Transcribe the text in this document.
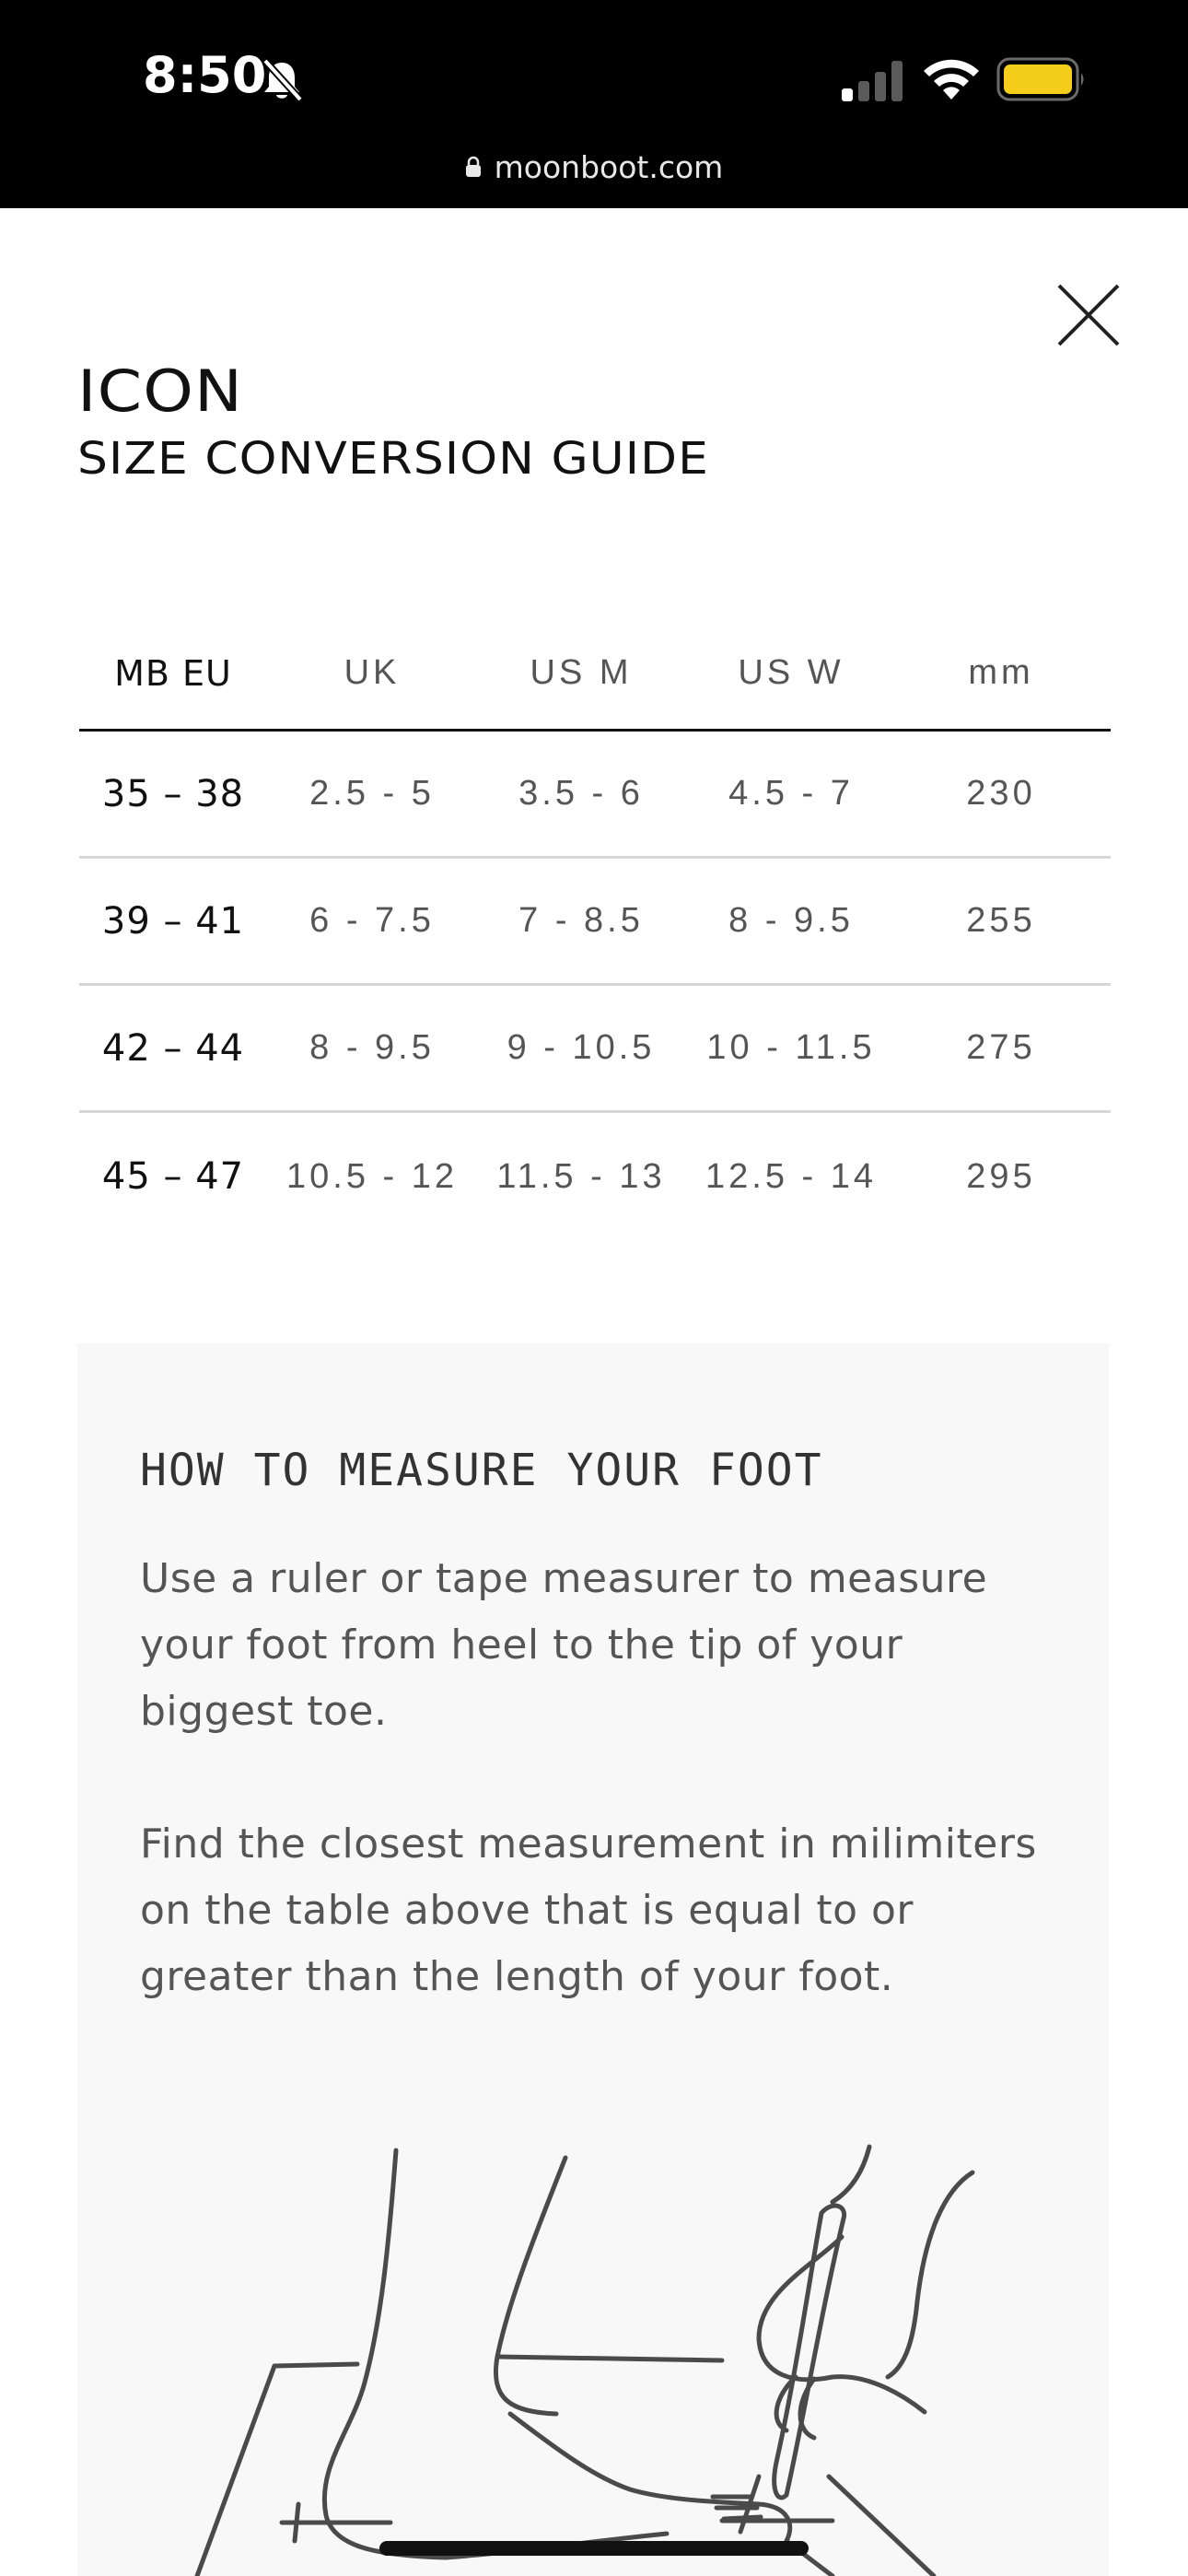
8:50
moonboot.com
ICON
SIZE CONVERSION GUIDE
MB EU	UK	US M	US W	mm
35 – 38	2.5 - 5	3.5 - 6	4.5 - 7	230
39 – 41	6 - 7.5	7 - 8.5	8 - 9.5	255
42 – 44	8 - 9.5	9 - 10.5	10 - 11.5	275
45 – 47	10.5 - 12	11.5 - 13	12.5 - 14	295
HOW TO MEASURE YOUR FOOT
Use a ruler or tape measurer to measure your foot from heel to the tip of your biggest toe.
Find the closest measurement in milimiters on the table above that is equal to or greater than the length of your foot.
